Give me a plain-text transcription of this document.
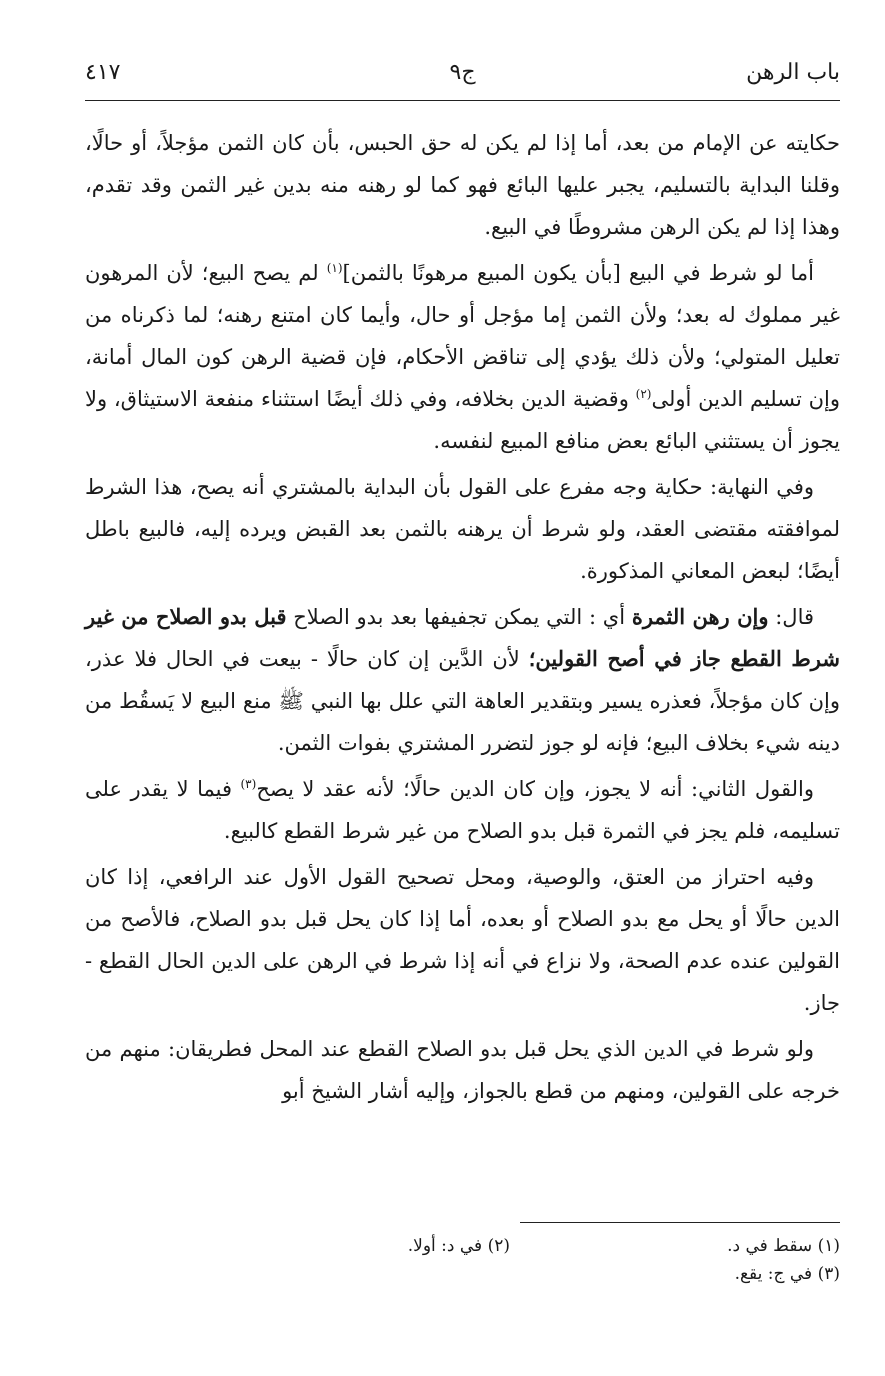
باب الرهن
ج٩
٤١٧

حكايته عن الإمام من بعد، أما إذا لم يكن له حق الحبس، بأن كان الثمن مؤجلاً، أو حالًا، وقلنا البداية بالتسليم، يجبر عليها البائع فهو كما لو رهنه منه بدين غير الثمن وقد تقدم، وهذا إذا لم يكن الرهن مشروطًا في البيع.

أما لو شرط في البيع [بأن يكون المبيع مرهونًا بالثمن]$^{(١)}$ لم يصح البيع؛ لأن المرهون غير مملوك له بعد؛ ولأن الثمن إما مؤجل أو حال، وأيما كان امتنع رهنه؛ لما ذكرناه من تعليل المتولي؛ ولأن ذلك يؤدي إلى تناقض الأحكام، فإن قضية الرهن كون المال أمانة، وإن تسليم الدين أولى$^{(٢)}$ وقضية الدين بخلافه، وفي ذلك أيضًا استثناء منفعة الاستيثاق، ولا يجوز أن يستثني البائع بعض منافع المبيع لنفسه.

وفي النهاية: حكاية وجه مفرع على القول بأن البداية بالمشتري أنه يصح، هذا الشرط لموافقته مقتضى العقد، ولو شرط أن يرهنه بالثمن بعد القبض ويرده إليه، فالبيع باطل أيضًا؛ لبعض المعاني المذكورة.

قال: وإن رهن الثمرة أي : التي يمكن تجفيفها بعد بدو الصلاح قبل بدو الصلاح من غير شرط القطع جاز في أصح القولين؛ لأن الدَّين إن كان حالًا - بيعت في الحال فلا عذر، وإن كان مؤجلاً، فعذره يسير وبتقدير العاهة التي علل بها النبي ﷺ منع البيع لا يَسقُط من دينه شيء بخلاف البيع؛ فإنه لو جوز لتضرر المشتري بفوات الثمن.

والقول الثاني: أنه لا يجوز، وإن كان الدين حالًا؛ لأنه عقد لا يصح$^{(٣)}$ فيما لا يقدر على تسليمه، فلم يجز في الثمرة قبل بدو الصلاح من غير شرط القطع كالبيع.

وفيه احتراز من العتق، والوصية، ومحل تصحيح القول الأول عند الرافعي، إذا كان الدين حالًا أو يحل مع بدو الصلاح أو بعده، أما إذا كان يحل قبل بدو الصلاح، فالأصح من القولين عنده عدم الصحة، ولا نزاع في أنه إذا شرط في الرهن على الدين الحال القطع - جاز.

ولو شرط في الدين الذي يحل قبل بدو الصلاح القطع عند المحل فطريقان: منهم من خرجه على القولين، ومنهم من قطع بالجواز، وإليه أشار الشيخ أبو

(١) سقط في د.
(٢) في د: أولا.
(٣) في ج: يقع.
